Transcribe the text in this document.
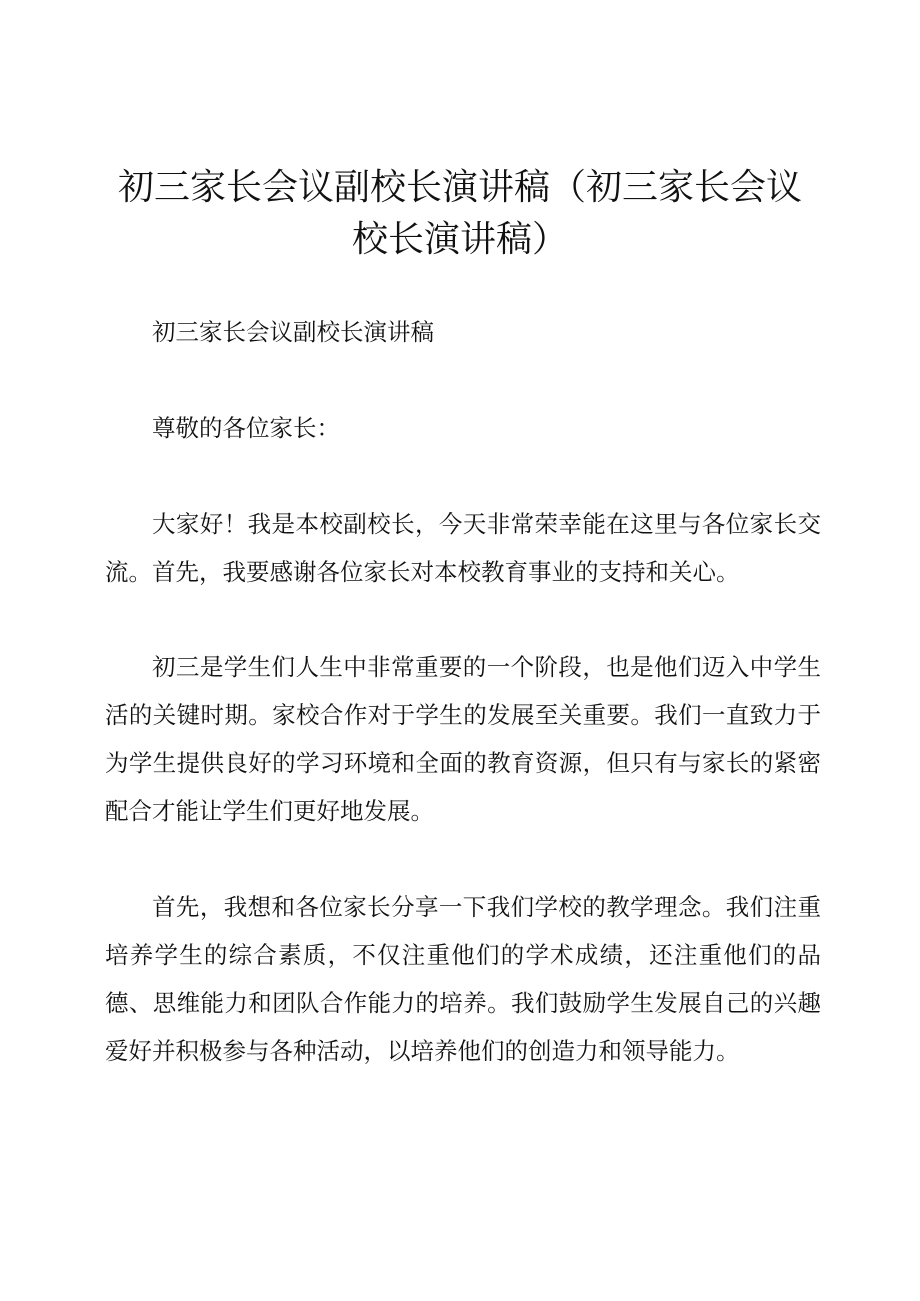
初三家长会议副校长演讲稿（初三家长会议校长演讲稿）

初三家长会议副校长演讲稿

尊敬的各位家长：

大家好！我是本校副校长，今天非常荣幸能在这里与各位家长交流。首先，我要感谢各位家长对本校教育事业的支持和关心。

初三是学生们人生中非常重要的一个阶段，也是他们迈入中学生活的关键时期。家校合作对于学生的发展至关重要。我们一直致力于为学生提供良好的学习环境和全面的教育资源，但只有与家长的紧密配合才能让学生们更好地发展。

首先，我想和各位家长分享一下我们学校的教学理念。我们注重培养学生的综合素质，不仅注重他们的学术成绩，还注重他们的品德、思维能力和团队合作能力的培养。我们鼓励学生发展自己的兴趣爱好并积极参与各种活动，以培养他们的创造力和领导能力。
